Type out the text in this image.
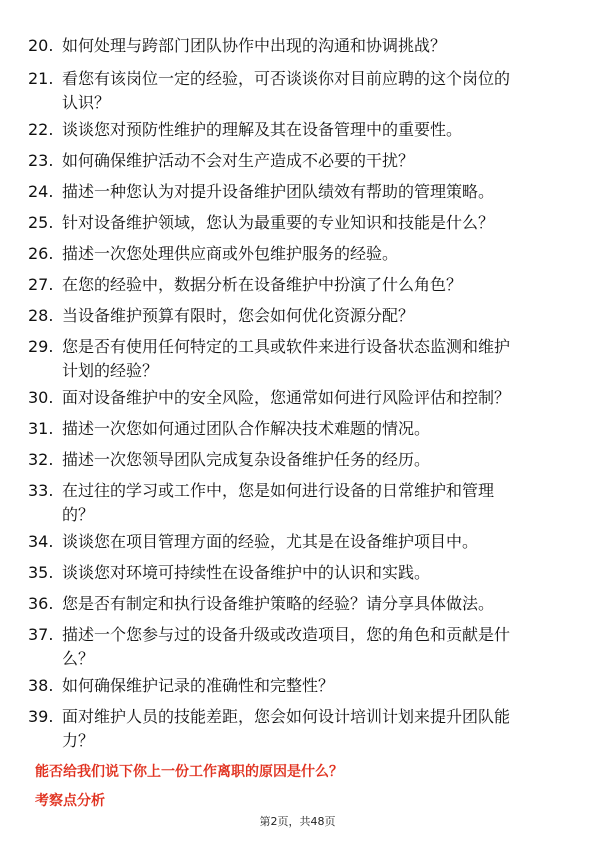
20. 如何处理与跨部门团队协作中出现的沟通和协调挑战？
21. 看您有该岗位一定的经验，可否谈谈你对目前应聘的这个岗位的
认识？
22. 谈谈您对预防性维护的理解及其在设备管理中的重要性。
23. 如何确保维护活动不会对生产造成不必要的干扰？
24. 描述一种您认为对提升设备维护团队绩效有帮助的管理策略。
25. 针对设备维护领域，您认为最重要的专业知识和技能是什么？
26. 描述一次您处理供应商或外包维护服务的经验。
27. 在您的经验中，数据分析在设备维护中扮演了什么角色？
28. 当设备维护预算有限时，您会如何优化资源分配？
29. 您是否有使用任何特定的工具或软件来进行设备状态监测和维护
计划的经验？
30. 面对设备维护中的安全风险，您通常如何进行风险评估和控制？
31. 描述一次您如何通过团队合作解决技术难题的情况。
32. 描述一次您领导团队完成复杂设备维护任务的经历。
33. 在过往的学习或工作中，您是如何进行设备的日常维护和管理
的？
34. 谈谈您在项目管理方面的经验，尤其是在设备维护项目中。
35. 谈谈您对环境可持续性在设备维护中的认识和实践。
36. 您是否有制定和执行设备维护策略的经验？请分享具体做法。
37. 描述一个您参与过的设备升级或改造项目，您的角色和贡献是什
么？
38. 如何确保维护记录的准确性和完整性？
39. 面对维护人员的技能差距，您会如何设计培训计划来提升团队能
力？
能否给我们说下你上一份工作离职的原因是什么？
考察点分析
第2页，共48页
